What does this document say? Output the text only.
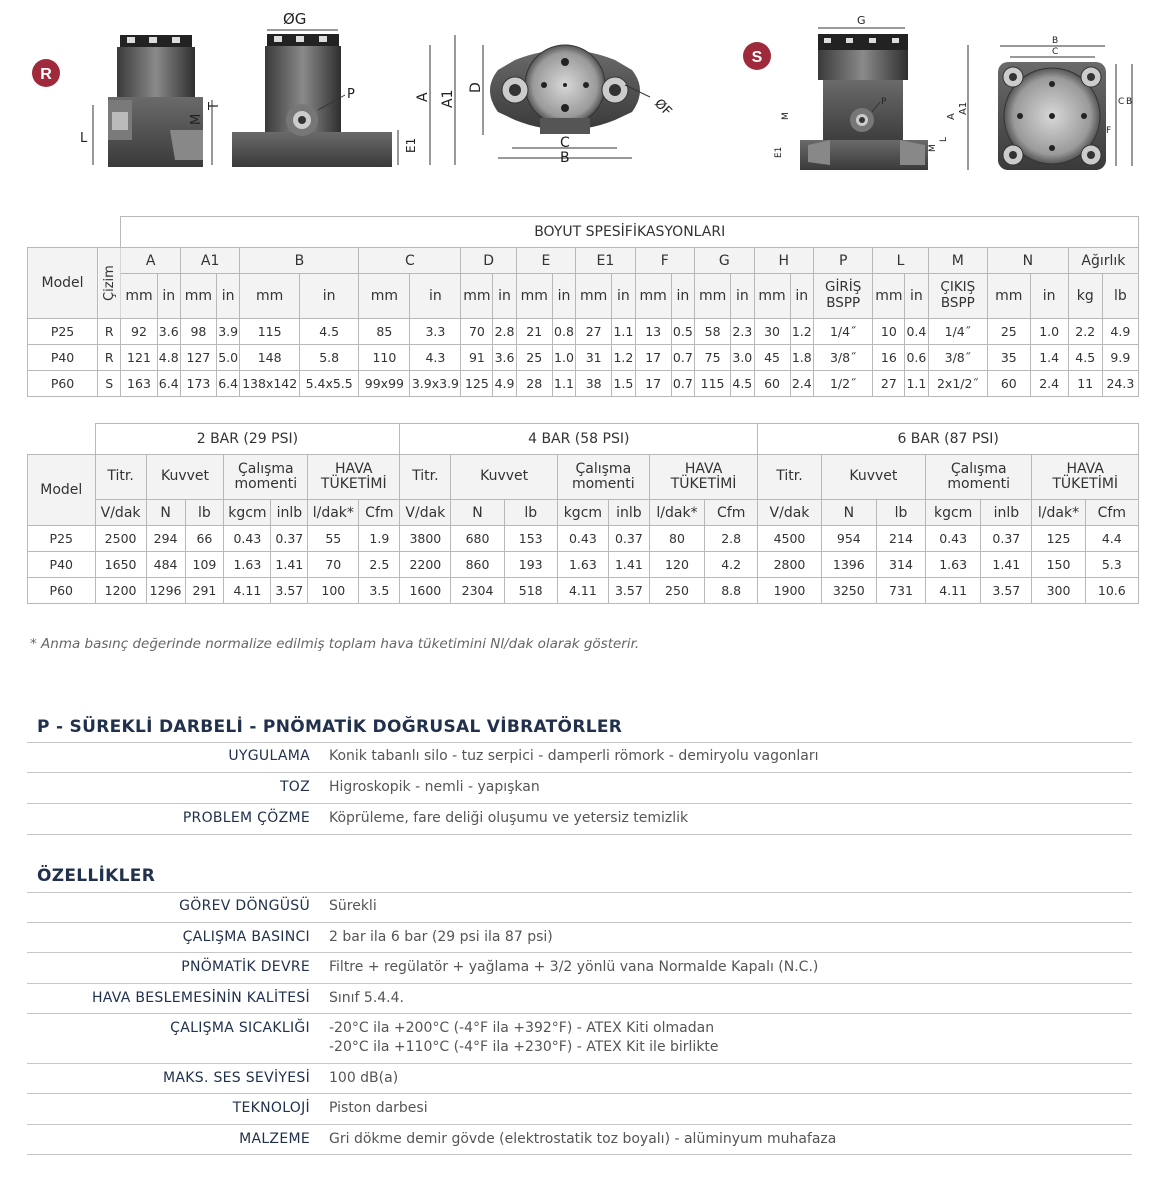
R
L
M
T
ØG
P	A A1
E1
D
ØF
C
B
S
G
P	A1
A
M
E1	M
L
B
C
C B
F
		BOYUT SPESİFİKASYONLARI																											
Model	Çizim	A		A1		B		C		D		E		E1		F		G		H		P	L		M	N		Ağırlık	
		mm	in	mm	in	mm	in	mm	in	mm	in	mm	in	mm	in	mm	in	mm	in	mm	in	GİRİŞ BSPP	mm	in	ÇIKIŞ BSPP	mm	in	kg	lb
P25	R	92	3.6	98	3.9	115	4.5	85	3.3	70	2.8	21	0.8	27	1.1	13	0.5	58	2.3	30	1.2	1/4˝	10	0.4	1/4˝	25	1.0	2.2	4.9
P40	R	121	4.8	127	5.0	148	5.8	110	4.3	91	3.6	25	1.0	31	1.2	17	0.7	75	3.0	45	1.8	3/8˝	16	0.6	3/8˝	35	1.4	4.5	9.9
P60	S	163	6.4	173	6.4	138x142	5.4x5.5	99x99	3.9x3.9	125	4.9	28	1.1	38	1.5	17	0.7	115	4.5	60	2.4	1/2˝	27	1.1	2x1/2˝	60	2.4	11	24.3
	2 BAR (29 PSI)							4 BAR (58 PSI)							6 BAR (87 PSI)						
Model	Titr.	Kuvvet		Çalışma momenti		HAVA TÜKETİMİ		Titr.	Kuvvet		Çalışma momenti		HAVA TÜKETİMİ		Titr.	Kuvvet		Çalışma momenti		HAVA TÜKETİMİ	
	V/dak	N	lb	kgcm	inlb	l/dak*	Cfm	V/dak	N	lb	kgcm	inlb	l/dak*	Cfm	V/dak	N	lb	kgcm	inlb	l/dak*	Cfm
P25	2500	294	66	0.43	0.37	55	1.9	3800	680	153	0.43	0.37	80	2.8	4500	954	214	0.43	0.37	125	4.4
P40	1650	484	109	1.63	1.41	70	2.5	2200	860	193	1.63	1.41	120	4.2	2800	1396	314	1.63	1.41	150	5.3
P60	1200	1296	291	4.11	3.57	100	3.5	1600	2304	518	4.11	3.57	250	8.8	1900	3250	731	4.11	3.57	300	10.6
* Anma basınç değerinde normalize edilmiş toplam hava tüketimini Nl/dak olarak gösterir.
P - SÜREKLİ DARBELİ - PNÖMATİK DOĞRUSAL VİBRATÖRLER
UYGULAMA Konik tabanlı silo - tuz serpici - damperli römork - demiryolu vagonları
TOZ Higroskopik - nemli - yapışkan
PROBLEM ÇÖZME Köprüleme, fare deliği oluşumu ve yetersiz temizlik
ÖZELLİKLER
GÖREV DÖNGÜSÜ Sürekli
ÇALIŞMA BASINCI 2 bar ila 6 bar (29 psi ila 87 psi)
PNÖMATİK DEVRE Filtre + regülatör + yağlama + 3/2 yönlü vana Normalde Kapalı (N.C.)
HAVA BESLEMESİNİN KALİTESİ Sınıf 5.4.4.
ÇALIŞMA SICAKLIĞI -20°C ila +200°C (-4°F ila +392°F) - ATEX Kiti olmadan
-20°C ila +110°C (-4°F ila +230°F) - ATEX Kit ile birlikte
MAKS. SES SEVİYESİ 100 dB(a)
TEKNOLOJİ Piston darbesi
MALZEME Gri dökme demir gövde (elektrostatik toz boyalı) - alüminyum muhafaza
